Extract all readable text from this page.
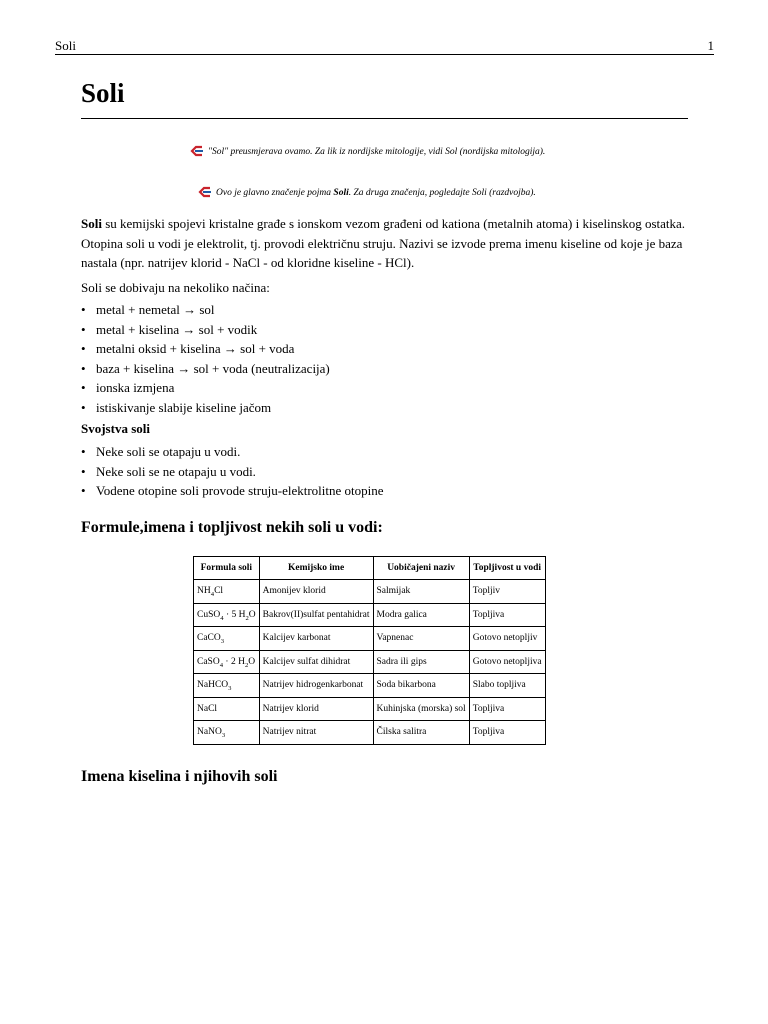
Soli	1
Soli
"Sol" preusmjerava ovamo. Za lik iz nordijske mitologije, vidi Sol (nordijska mitologija).
Ovo je glavno značenje pojma Soli. Za druga značenja, pogledajte Soli (razdvojba).
Soli su kemijski spojevi kristalne građe s ionskom vezom građeni od kationa (metalnih atoma) i kiselinskog ostatka. Otopina soli u vodi je elektrolit, tj. provodi električnu struju. Nazivi se izvode prema imenu kiseline od koje je baza nastala (npr. natrijev klorid - NaCl - od kloridne kiseline - HCl).
Soli se dobivaju na nekoliko načina:
• metal + nemetal → sol
• metal + kiselina → sol + vodik
• metalni oksid + kiselina → sol + voda
• baza + kiselina → sol + voda (neutralizacija)
• ionska izmjena
• istiskivanje slabije kiseline jačom
Svojstva soli
• Neke soli se otapaju u vodi.
• Neke soli se ne otapaju u vodi.
• Vodene otopine soli provode struju-elektrolitne otopine
Formule,imena i topljivost nekih soli u vodi:
Formula soli	Kemijsko ime	Uobičajeni naziv	Topljivost u vodi
$NH_4Cl$	Amonijev klorid	Salmijak	Topljiv
CuSO$_4$ · 5 $H_2O$	Bakrov(II)sulfat pentahidrat	Modra galica	Topljiva
CaCO$_3$	Kalcijev karbonat	Vapnenac	Gotovo netopljiv
CaSO$_4$ · 2 $H_2O$	Kalcijev sulfat dihidrat	Sadra ili gips	Gotovo netopljiva
NaHCO$_3$	Natrijev hidrogenkarbonat	Soda bikarbona	Slabo topljiva
NaCl	Natrijev klorid	Kuhinjska (morska) sol	Topljiva
NaNO$_3$	Natrijev nitrat	Čilska salitra	Topljiva
Imena kiselina i njihovih soli
